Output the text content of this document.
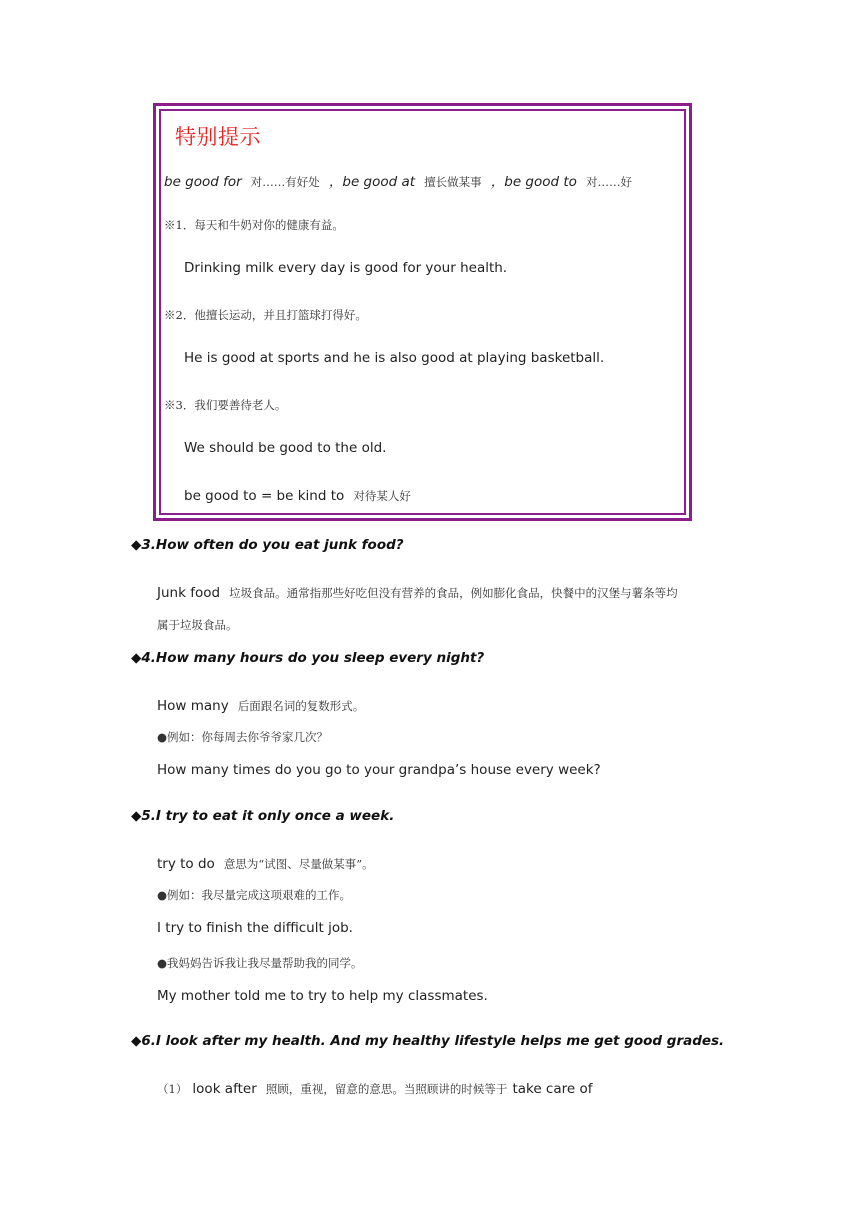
特别提示
be good for 对……有好处 ，be good at 擅长做某事 ，be good to 对……好
※1．每天和牛奶对你的健康有益。
Drinking milk every day is good for your health.
※2．他擅长运动，并且打篮球打得好。
He is good at sports and he is also good at playing basketball.
※3．我们要善待老人。
We should be good to the old.
be good to = be kind to 对待某人好
◆3.How often do you eat junk food?
Junk food 垃圾食品。通常指那些好吃但没有营养的食品，例如膨化食品，快餐中的汉堡与薯条等均
属于垃圾食品。
◆4.How many hours do you sleep every night?
How many 后面跟名词的复数形式。
●例如：你每周去你爷爷家几次？
How many times do you go to your grandpa’s house every week?
◆5.I try to eat it only once a week.
try to do 意思为“试图、尽量做某事”。
●例如：我尽量完成这项艰难的工作。
I try to finish the difficult job.
●我妈妈告诉我让我尽量帮助我的同学。
My mother told me to try to help my classmates.
◆6.I look after my health. And my healthy lifestyle helps me get good grades.
（1） look after 照顾，重视，留意的意思。当照顾讲的时候等于 take care of
